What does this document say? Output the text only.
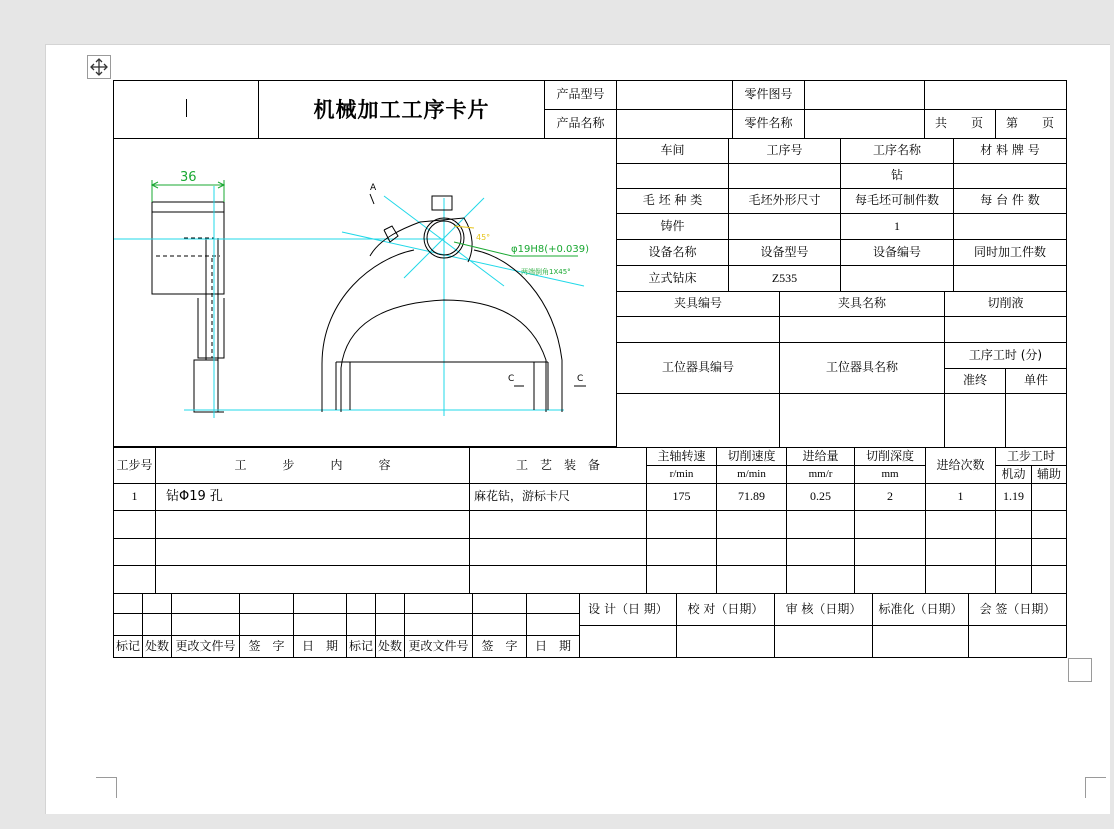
	机械加工工序卡片	产品型号		零件图号			
		产品名称		零件名称		共　　页	第　　页
36
φ19H8(+0.039)
两端倒角1X45°
45°
A
C	C
车间	工序号	工序名称	材 料 牌 号
		钻	
毛 坯 种 类	毛坯外形尺寸	每毛坯可制件数	每 台 件 数
铸件		1	
设备名称	设备型号	设备编号	同时加工件数
立式钻床	Z535		
夹具编号	夹具名称	切削液	

工位器具编号	工位器具名称	工序工时 (分)	
		准终	单件

工步号	工　　　步　　　内　　　容	工　艺　装　备	主轴转速	切削速度	进给量	切削深度	进给次数	工步工时	
			r/min	m/min	mm/r	mm		机动	辅助
1	钻Φ19 孔	麻花钻，游标卡尺	175	71.89	0.25	2	1	1.19	

标记	处数	更改文件号	签　字	日　期	标记	处数	更改文件号	签　字	日　期
设 计（日 期）	校 对（日期）	审 核（日期）	标准化（日期）	会 签（日期）
